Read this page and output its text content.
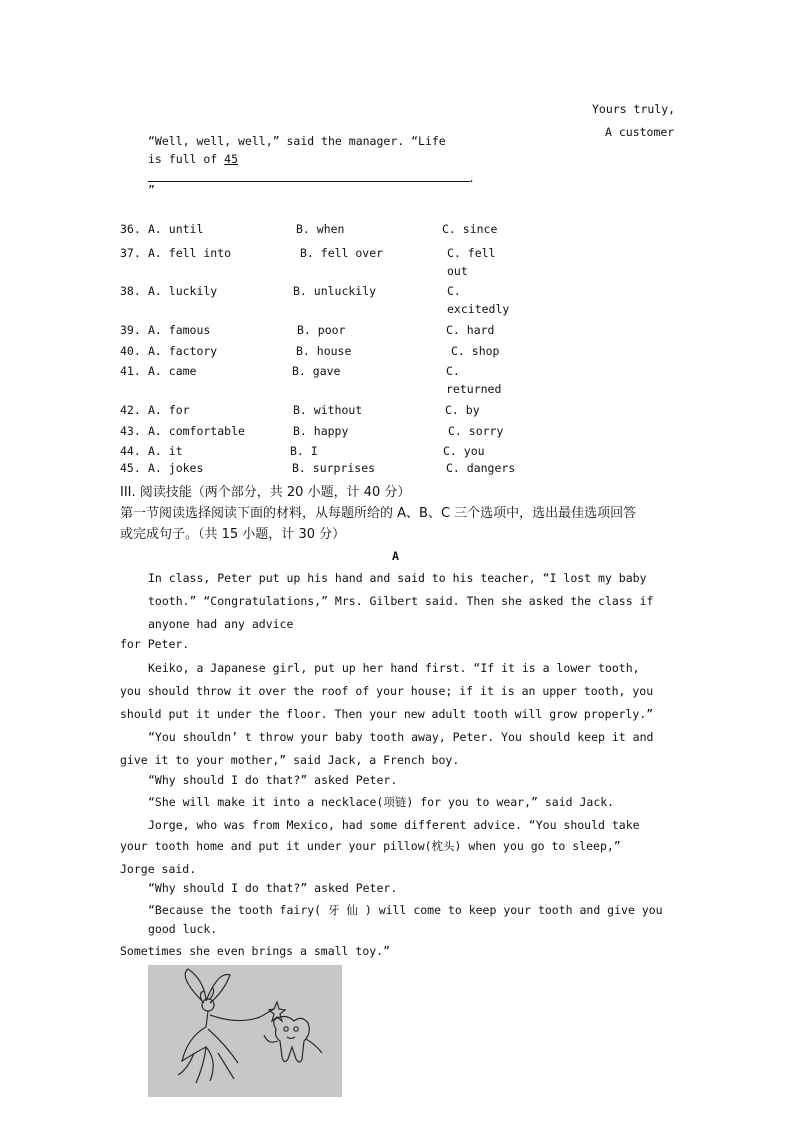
Yours truly,
A customer
“Well, well, well,” said the manager. “Life
is full of 45
.
”
36. A. until	B. when	C. since
37. A. fell into	B. fell over	C. fell
out
38. A. luckily	B. unluckily	C.
excitedly
39. A. famous	B. poor	C. hard
40. A. factory	B. house	C. shop
41. A. came	B. gave	C.
returned
42. A. for	B. without	C. by
43. A. comfortable	B. happy	C. sorry
44. A. it	B. I	C. you
45. A. jokes	B. surprises	C. dangers
III. 阅读技能（两个部分，共 20 小题，计 40 分）
第一节阅读选择阅读下面的材料，从每题所给的 A、B、C 三个选项中，选出最佳选项回答
或完成句子。（共 15 小题，计 30 分）
A
In class, Peter put up his hand and said to his teacher, “I lost my baby
tooth.” “Congratulations,” Mrs. Gilbert said. Then she asked the class if
anyone had any advice
for Peter.
Keiko, a Japanese girl, put up her hand first. “If it is a lower tooth,
you should throw it over the roof of your house; if it is an upper tooth, you
should put it under the floor. Then your new adult tooth will grow properly.”
“You shouldn’ t throw your baby tooth away, Peter. You should keep it and
give it to your mother,” said Jack, a French boy.
“Why should I do that?” asked Peter.
“She will make it into a necklace(项链) for you to wear,” said Jack.
Jorge, who was from Mexico, had some different advice. “You should take
your tooth home and put it under your pillow(枕头) when you go to sleep,”
Jorge said.
“Why should I do that?” asked Peter.
“Because the tooth fairy( 牙 仙 ) will come to keep your tooth and give you
good luck.
Sometimes she even brings a small toy.”
